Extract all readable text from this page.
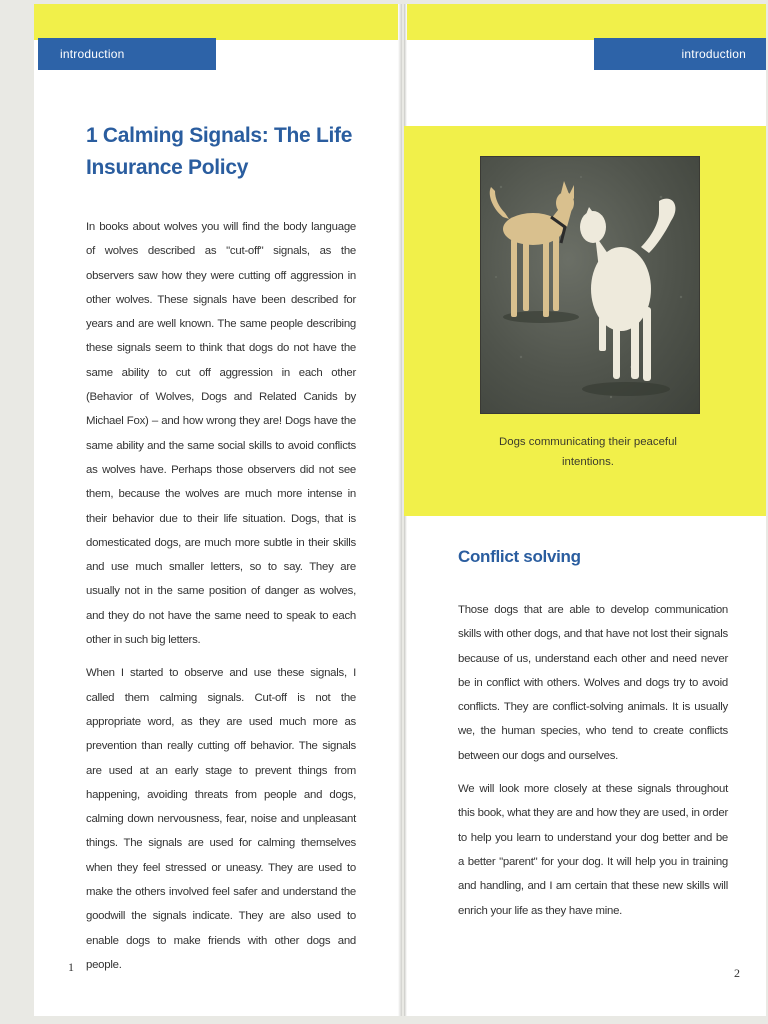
introduction
1 Calming Signals: The Life Insurance Policy

In books about wolves you will find the body language of wolves described as "cut-off" signals, as the observers saw how they were cutting off aggression in other wolves. These signals have been described for years and are well known. The same people describing these signals seem to think that dogs do not have the same ability to cut off aggression in each other (Behavior of Wolves, Dogs and Related Canids by Michael Fox) – and how wrong they are! Dogs have the same ability and the same social skills to avoid conflicts as wolves have. Perhaps those observers did not see them, because the wolves are much more intense in their behavior due to their life situation. Dogs, that is domesticated dogs, are much more subtle in their skills and use much smaller letters, so to say. They are usually not in the same position of danger as wolves, and they do not have the same need to speak to each other in such big letters.

When I started to observe and use these signals, I called them calming signals. Cut-off is not the appropriate word, as they are used much more as prevention than really cutting off behavior. The signals are used at an early stage to prevent things from happening, avoiding threats from people and dogs, calming down nervousness, fear, noise and unpleasant things. The signals are used for calming themselves when they feel stressed or uneasy. They are used to make the others involved feel safer and understand the goodwill the signals indicate. They are also used to enable dogs to make friends with other dogs and people.

1
introduction
Dogs communicating their peaceful intentions.
Conflict solving

Those dogs that are able to develop communication skills with other dogs, and that have not lost their signals because of us, understand each other and need never be in conflict with others. Wolves and dogs try to avoid conflicts. They are conflict-solving animals. It is usually we, the human species, who tend to create conflicts between our dogs and ourselves.

We will look more closely at these signals throughout this book, what they are and how they are used, in order to help you learn to understand your dog better and be a better "parent" for your dog. It will help you in training and handling, and I am certain that these new skills will enrich your life as they have mine.

2
